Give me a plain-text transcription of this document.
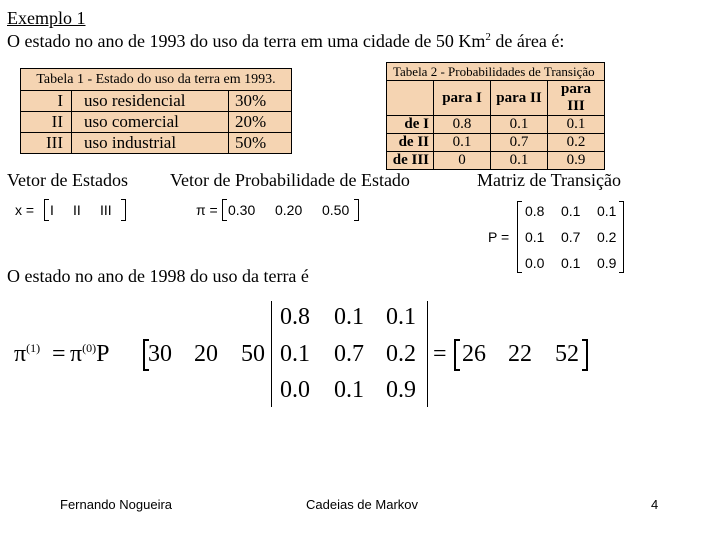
Exemplo 1
O estado no ano de 1993 do uso da terra em uma cidade de 50 Km$^2$ de área é:
Tabela 1 - Estado do uso da terra em 1993.		
I	uso residencial	30%
II	uso comercial	20%
III	uso industrial	50%
Tabela 2 - Probabilidades de Transição			
	para I	para II	para III
de I	0.8	0.1	0.1
de II	0.1	0.7	0.2
de III	0	0.1	0.9
Vetor de Estados Vetor de Probabilidade de Estado	Matriz de Transição
x = I II III	π = 0.30 0.20 0.50
P =
0.8 0.1 0.1
0.1 0.7 0.2
0.0 0.1 0.9
O estado no ano de 1998 do uso da terra é
$\pi^{(1)} = \pi^{(0)}P$ 30 20 50
0.8 0.1 0.1
0.1 0.7 0.2
0.0 0.1 0.9
= 26 22 52
Fernando Nogueira	Cadeias de Markov	4
